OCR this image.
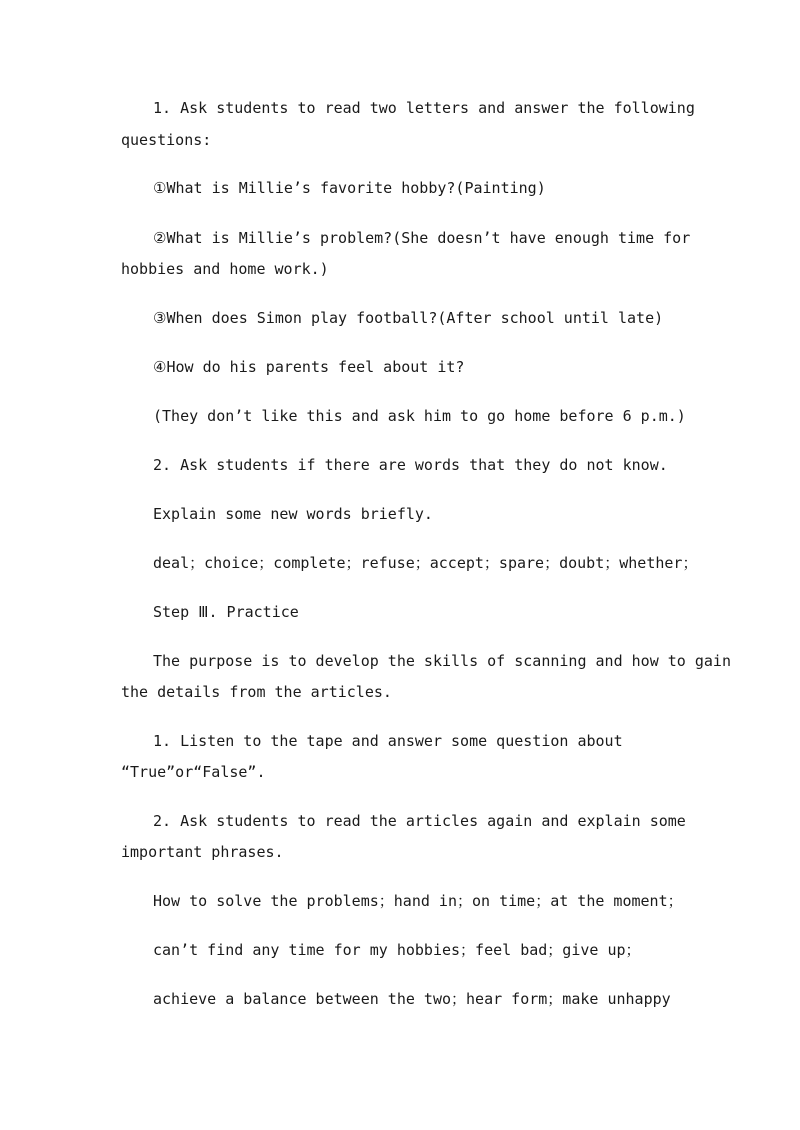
1. Ask students to read two letters and answer the following
questions:
①What is Millie’s favorite hobby?(Painting)
②What is Millie’s problem?(She doesn’t have enough time for
hobbies and home work.)
③When does Simon play football?(After school until late)
④How do his parents feel about it?
(They don’t like this and ask him to go home before 6 p.m.)
2. Ask students if there are words that they do not know.
Explain some new words briefly.
deal；choice；complete；refuse；accept；spare；doubt；whether；
Step Ⅲ. Practice
The purpose is to develop the skills of scanning and how to gain
the details from the articles.
1. Listen to the tape and answer some question about
“True”or“False”.
2. Ask students to read the articles again and explain some
important phrases.
How to solve the problems；hand in；on time；at the moment；
can’t find any time for my hobbies；feel bad；give up；
achieve a balance between the two；hear form；make unhappy
